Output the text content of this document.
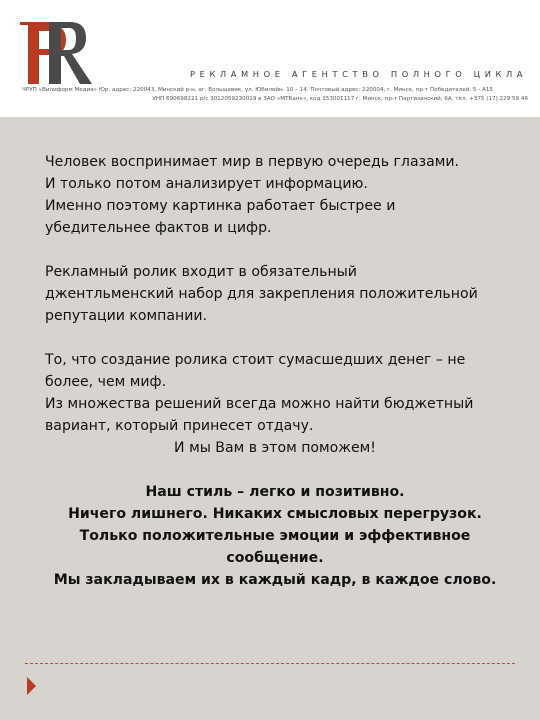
РЕКЛАМНОЕ АГЕНТСТВО ПОЛНОГО ЦИКЛА
ЧРУП «Вилиформ Медиа» Юр. адрес: 220043, Минский р-н, аг. Большевик, ул. Юбилейн. 10 – 14. Почтовый адрес: 220004, г. Минск, пр-т Победителей, 5 - А15
УНП 690698221 р/с 3012059230019 в ЗАО «МТБанк», код 153001117 г. Минск, пр-т Партизанский, 6А. тел. +375 (17) 229 59 46

Человек воспринимает мир в первую очередь глазами.

И только потом анализирует информацию.

Именно поэтому картинка работает быстрее и

убедительнее фактов и цифр.

Рекламный ролик входит в обязательный

джентльменский набор для закрепления положительной

репутации компании.

То, что создание ролика стоит сумасшедших денег – не

более, чем миф.

Из множества решений всегда можно найти бюджетный

вариант, который принесет отдачу.

И мы Вам в этом поможем!

Наш стиль – легко и позитивно.

Ничего лишнего. Никаких смысловых перегрузок.

Только положительные эмоции и эффективное

сообщение.

Мы закладываем их в каждый кадр, в каждое слово.
